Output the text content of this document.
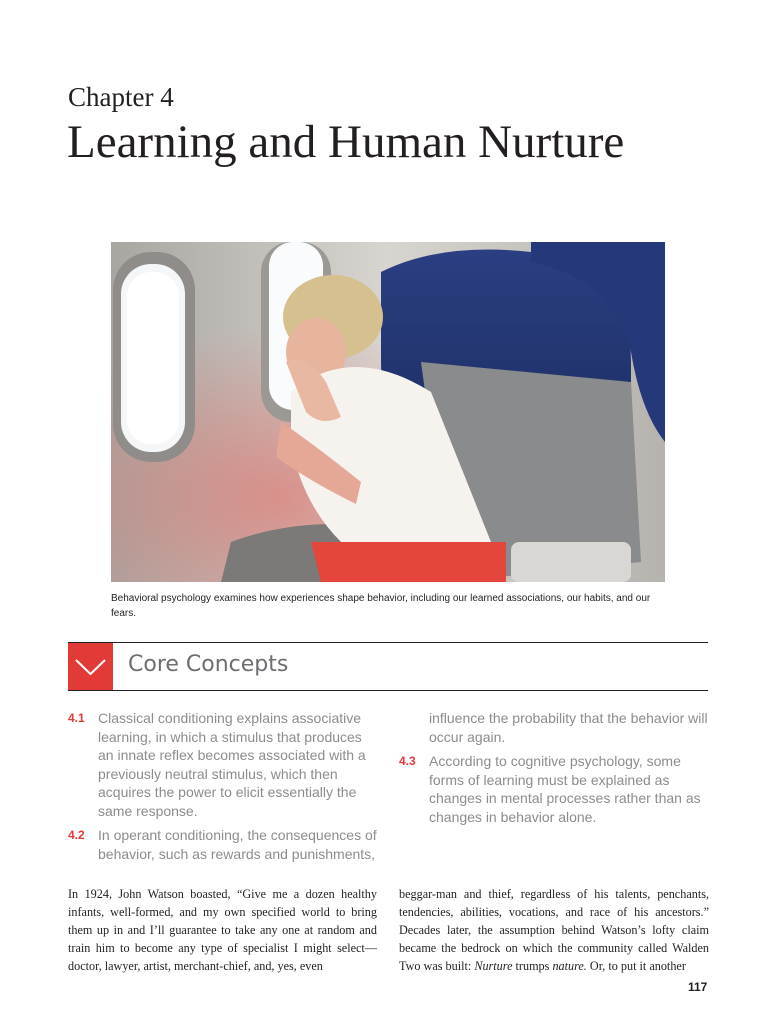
Chapter 4
Learning and Human Nurture
Behavioral psychology examines how experiences shape behavior, including our learned associations, our habits, and our fears.
Core Concepts
4.1 Classical conditioning explains associative learning, in which a stimulus that produces an innate reflex becomes associated with a previously neutral stimulus, which then acquires the power to elicit essentially the same response.
4.2 In operant conditioning, the consequences of behavior, such as rewards and punishments,
influence the probability that the behavior will occur again.
4.3 According to cognitive psychology, some forms of learning must be explained as changes in mental processes rather than as changes in behavior alone.
In 1924, John Watson boasted, “Give me a dozen healthy infants, well-formed, and my own specified world to bring them up in and I’ll guarantee to take any one at random and train him to become any type of specialist I might select—doctor, lawyer, artist, merchant-chief, and, yes, even
beggar-man and thief, regardless of his talents, penchants, tendencies, abilities, vocations, and race of his ancestors.” Decades later, the assumption behind Watson’s lofty claim became the bedrock on which the community called Walden Two was built: Nurture trumps nature. Or, to put it another
117
